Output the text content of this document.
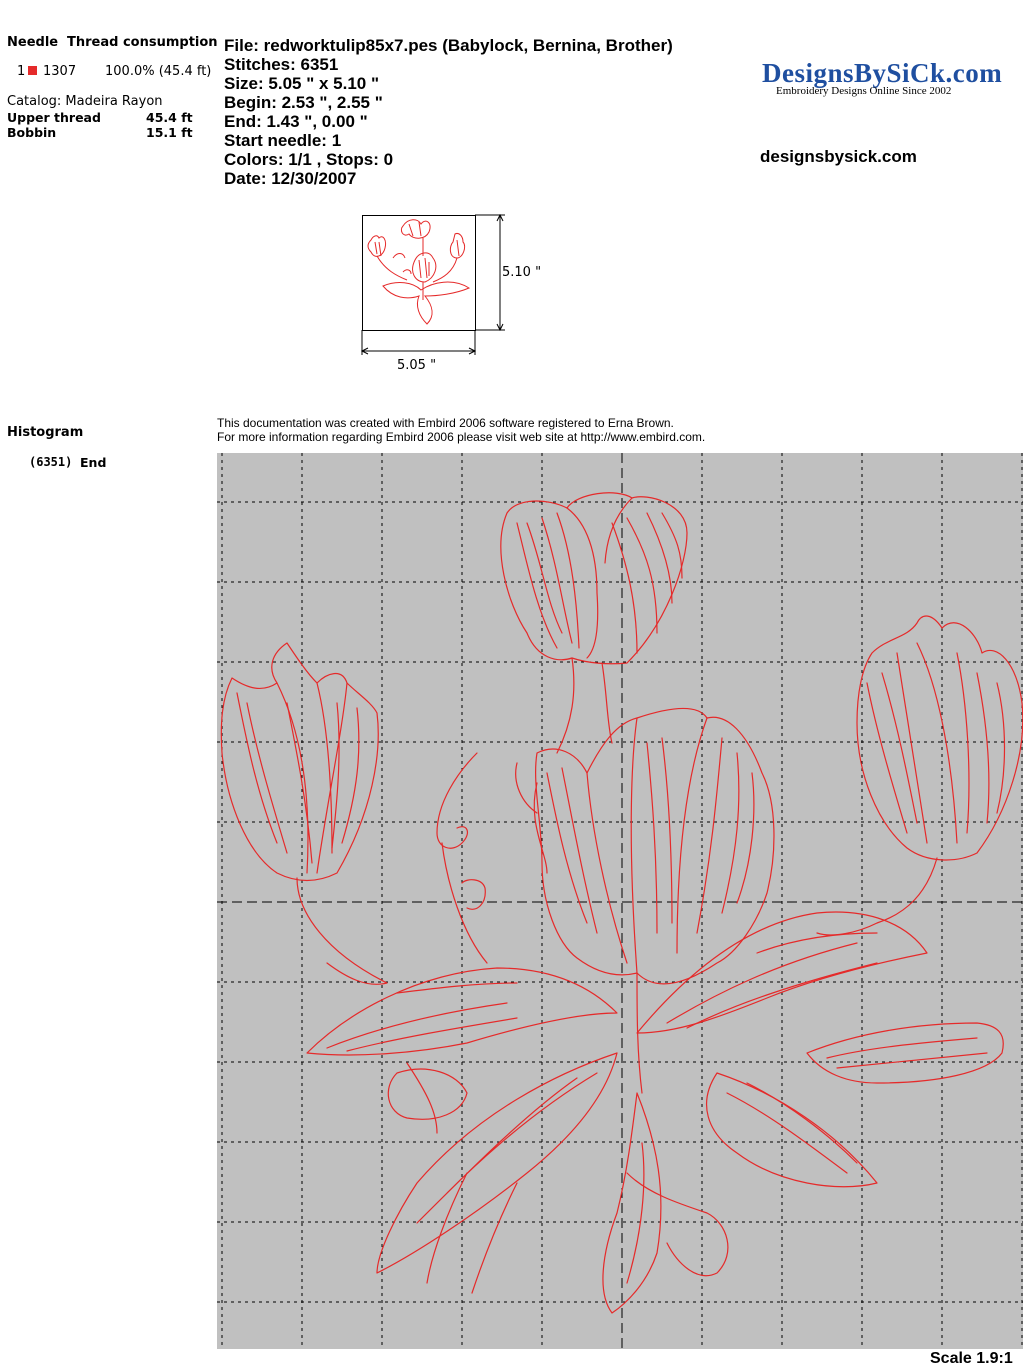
Needle Thread consumption
1 1307 100.0% (45.4 ft)
Catalog: Madeira Rayon
Upper thread	45.4 ft
Bobbin	15.1 ft
File: redworktulip85x7.pes (Babylock, Bernina, Brother)
Stitches: 6351
Size: 5.05 " x 5.10 "
Begin: 2.53 ", 2.55 "
End: 1.43 ", 0.00 "
Start needle: 1
Colors: 1/1 , Stops: 0
Date: 12/30/2007
DesignsBySiCk.com
Embroidery Designs Online Since 2002
designsbysick.com
5.10 "
5.05 "
Histogram
(6351) End
This documentation was created with Embird 2006 software registered to Erna Brown.
For more information regarding Embird 2006 please visit web site at http://www.embird.com.
Scale 1.9:1
